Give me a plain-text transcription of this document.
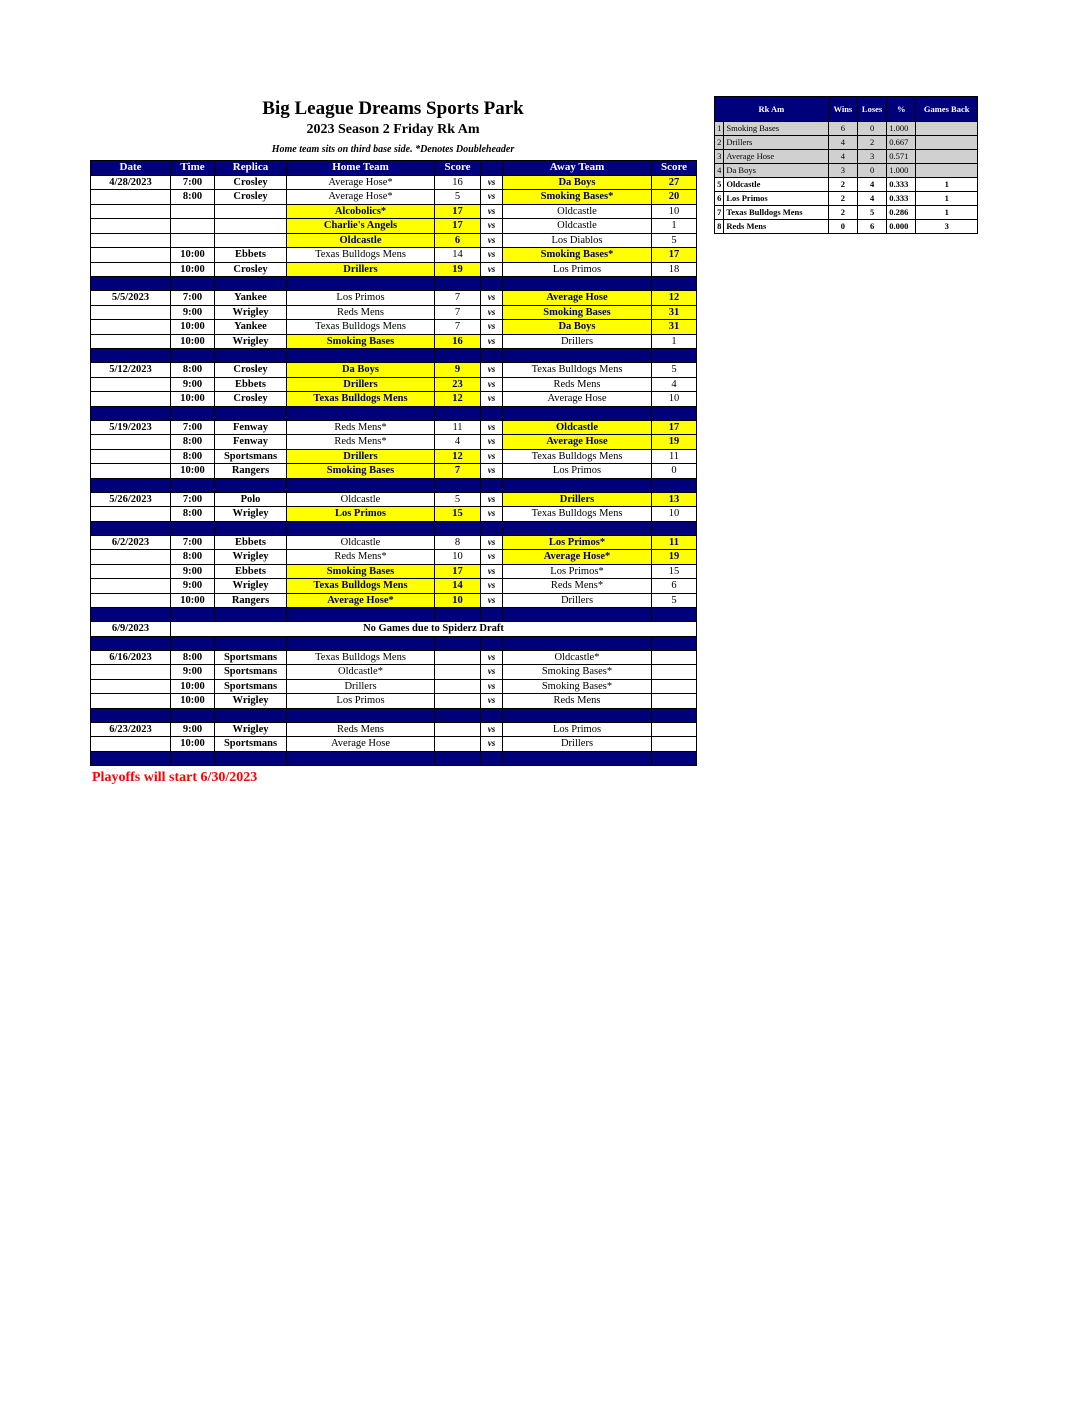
Big League Dreams Sports Park
2023 Season 2 Friday Rk Am
Home team sits on third base side. *Denotes Doubleheader
Date	Time	Replica	Home Team	Score		Away Team	Score
4/28/2023	7:00	Crosley	Average Hose*	16	vs	Da Boys	27
	8:00	Crosley	Average Hose*	5	vs	Smoking Bases*	20
			Alcobolics*	17	vs	Oldcastle	10
			Charlie's Angels	17	vs	Oldcastle	1
			Oldcastle	6	vs	Los Diablos	5
	10:00	Ebbets	Texas Bulldogs Mens	14	vs	Smoking Bases*	17
	10:00	Crosley	Drillers	19	vs	Los Primos	18

5/5/2023	7:00	Yankee	Los Primos	7	vs	Average Hose	12
	9:00	Wrigley	Reds Mens	7	vs	Smoking Bases	31
	10:00	Yankee	Texas Bulldogs Mens	7	vs	Da Boys	31
	10:00	Wrigley	Smoking Bases	16	vs	Drillers	1

5/12/2023	8:00	Crosley	Da Boys	9	vs	Texas Bulldogs Mens	5
	9:00	Ebbets	Drillers	23	vs	Reds Mens	4
	10:00	Crosley	Texas Bulldogs Mens	12	vs	Average Hose	10

5/19/2023	7:00	Fenway	Reds Mens*	11	vs	Oldcastle	17
	8:00	Fenway	Reds Mens*	4	vs	Average Hose	19
	8:00	Sportsmans	Drillers	12	vs	Texas Bulldogs Mens	11
	10:00	Rangers	Smoking Bases	7	vs	Los Primos	0

5/26/2023	7:00	Polo	Oldcastle	5	vs	Drillers	13
	8:00	Wrigley	Los Primos	15	vs	Texas Bulldogs Mens	10

6/2/2023	7:00	Ebbets	Oldcastle	8	vs	Los Primos*	11
	8:00	Wrigley	Reds Mens*	10	vs	Average Hose*	19
	9:00	Ebbets	Smoking Bases	17	vs	Los Primos*	15
	9:00	Wrigley	Texas Bulldogs Mens	14	vs	Reds Mens*	6
	10:00	Rangers	Average Hose*	10	vs	Drillers	5

6/9/2023	No Games due to Spiderz Draft						

6/16/2023	8:00	Sportsmans	Texas Bulldogs Mens		vs	Oldcastle*	
	9:00	Sportsmans	Oldcastle*		vs	Smoking Bases*	
	10:00	Sportsmans	Drillers		vs	Smoking Bases*	
	10:00	Wrigley	Los Primos		vs	Reds Mens	

6/23/2023	9:00	Wrigley	Reds Mens		vs	Los Primos	
	10:00	Sportsmans	Average Hose		vs	Drillers	

Rk Am		Wins	Loses	%	Games Back
1	Smoking Bases	6	0	1.000	
2	Drillers	4	2	0.667	
3	Average Hose	4	3	0.571	
4	Da Boys	3	0	1.000	
5	Oldcastle	2	4	0.333	1
6	Los Primos	2	4	0.333	1
7	Texas Bulldogs Mens	2	5	0.286	1
8	Reds Mens	0	6	0.000	3
Playoffs will start 6/30/2023
